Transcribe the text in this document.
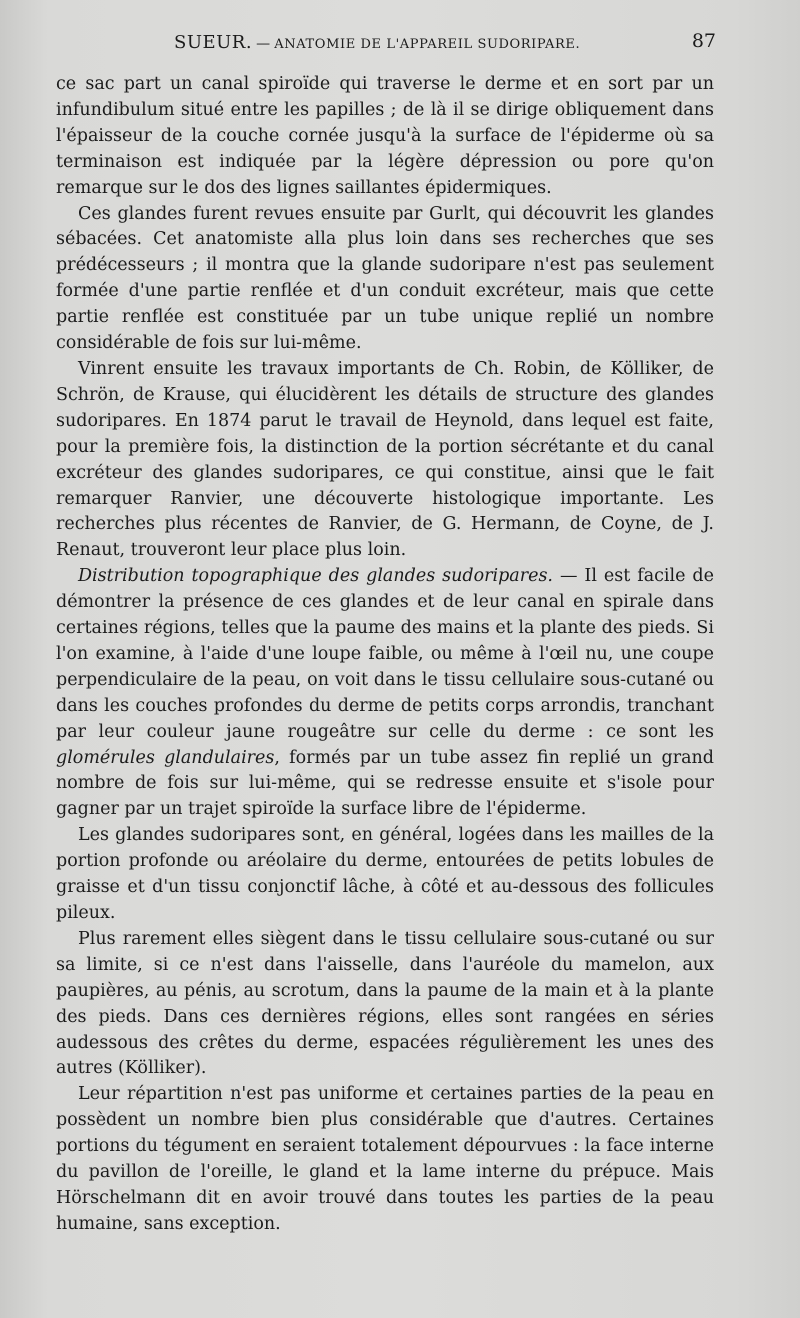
SUEUR. — ANATOMIE DE L'APPAREIL SUDORIPARE.	87

ce sac part un canal spiroïde qui traverse le derme et en sort par un infundibulum situé entre les papilles ; de là il se dirige obliquement dans l'épaisseur de la couche cornée jusqu'à la surface de l'épiderme où sa terminaison est indiquée par la légère dépression ou pore qu'on remarque sur le dos des lignes saillantes épidermiques.

Ces glandes furent revues ensuite par Gurlt, qui découvrit les glandes sébacées. Cet anatomiste alla plus loin dans ses recherches que ses prédécesseurs ; il montra que la glande sudoripare n'est pas seulement formée d'une partie renflée et d'un conduit excréteur, mais que cette partie renflée est constituée par un tube unique replié un nombre considérable de fois sur lui-même.

Vinrent ensuite les travaux importants de Ch. Robin, de Kölliker, de Schrön, de Krause, qui élucidèrent les détails de structure des glandes sudoripares. En 1874 parut le travail de Heynold, dans lequel est faite, pour la première fois, la distinction de la portion sécrétante et du canal excréteur des glandes sudoripares, ce qui constitue, ainsi que le fait remarquer Ranvier, une découverte histologique importante. Les recherches plus récentes de Ranvier, de G. Hermann, de Coyne, de J. Renaut, trouveront leur place plus loin.

Distribution topographique des glandes sudoripares. — Il est facile de démontrer la présence de ces glandes et de leur canal en spirale dans certaines régions, telles que la paume des mains et la plante des pieds. Si l'on examine, à l'aide d'une loupe faible, ou même à l'œil nu, une coupe perpendiculaire de la peau, on voit dans le tissu cellulaire sous-cutané ou dans les couches profondes du derme de petits corps arrondis, tranchant par leur couleur jaune rougeâtre sur celle du derme : ce sont les glomérules glandulaires, formés par un tube assez fin replié un grand nombre de fois sur lui-même, qui se redresse ensuite et s'isole pour gagner par un trajet spiroïde la surface libre de l'épiderme.

Les glandes sudoripares sont, en général, logées dans les mailles de la portion profonde ou aréolaire du derme, entourées de petits lobules de graisse et d'un tissu conjonctif lâche, à côté et au-dessous des follicules pileux.

Plus rarement elles siègent dans le tissu cellulaire sous-cutané ou sur sa limite, si ce n'est dans l'aisselle, dans l'auréole du mamelon, aux paupières, au pénis, au scrotum, dans la paume de la main et à la plante des pieds. Dans ces dernières régions, elles sont rangées en séries audessous des crêtes du derme, espacées régulièrement les unes des autres (Kölliker).

Leur répartition n'est pas uniforme et certaines parties de la peau en possèdent un nombre bien plus considérable que d'autres. Certaines portions du tégument en seraient totalement dépourvues : la face interne du pavillon de l'oreille, le gland et la lame interne du prépuce. Mais Hörschelmann dit en avoir trouvé dans toutes les parties de la peau humaine, sans exception.
